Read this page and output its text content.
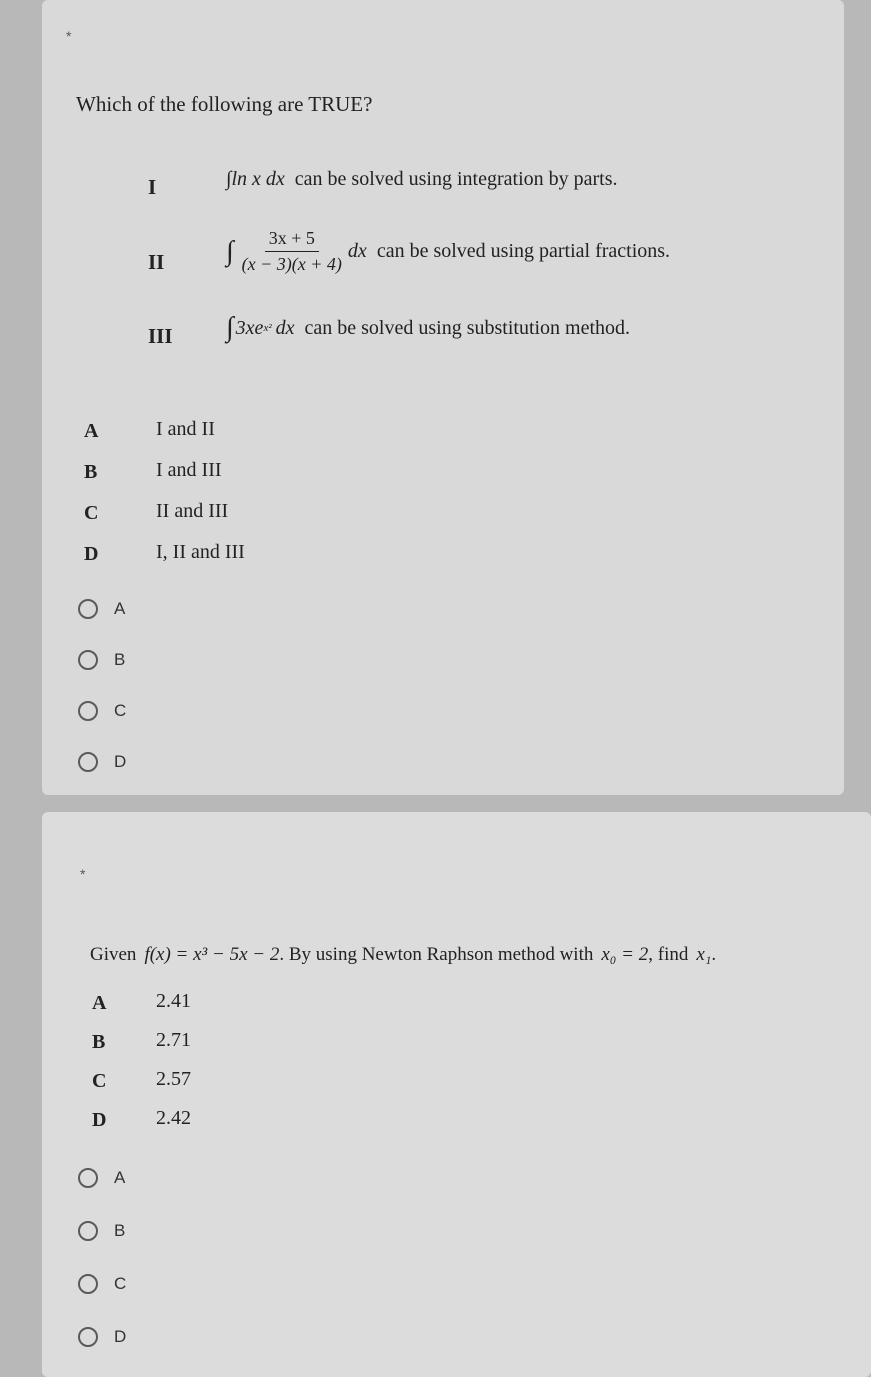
*
Which of the following are TRUE?
I	∫ln x dx can be solved using integration by parts.
II ∫ $\frac{3x + 5}{(x - 3)(x + 4)}$ dx can be solved using partial fractions.
III ∫ 3xe x² dx can be solved using substitution method.
A	I and II
B	I and III
C	II and III
D	I, II and III
A
B
C
D
*
Given f(x) = x³ − 5x − 2 . By using Newton Raphson method with x₀ = 2 , find x₁ .
A 2.41
B	2.71
C 2.57
D 2.42
A
B
C
D
